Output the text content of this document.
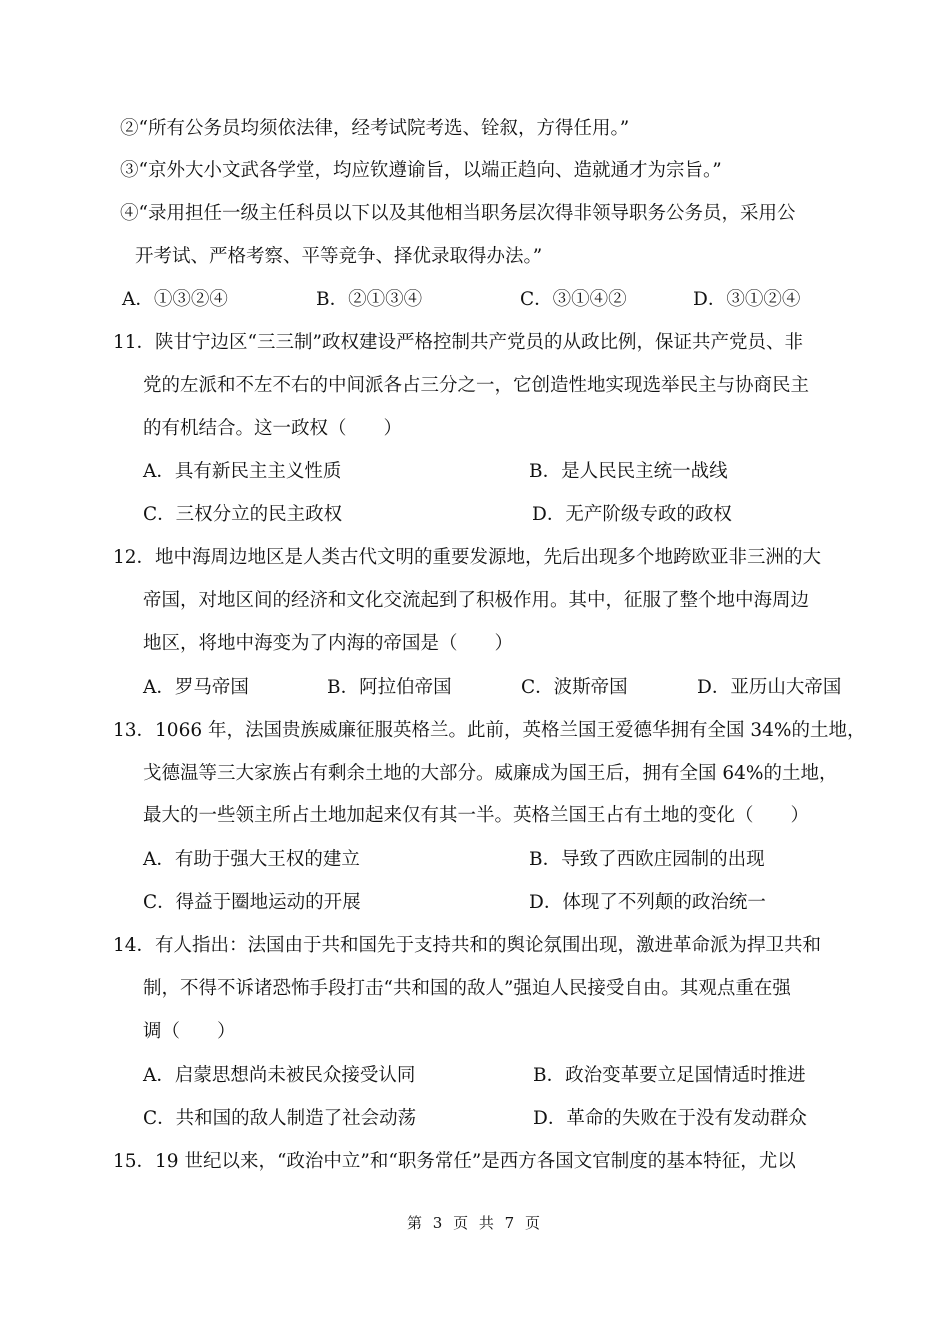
②“所有公务员均须依法律，经考试院考选、铨叙，方得任用。”
③“京外大小文武各学堂，均应钦遵谕旨，以端正趋向、造就通才为宗旨。”
④“录用担任一级主任科员以下以及其他相当职务层次得非领导职务公务员，采用公
开考试、严格考察、平等竞争、择优录取得办法。”
A．①③②④	B．②①③④	C．③①④②	D．③①②④
11．陕甘宁边区“三三制”政权建设严格控制共产党员的从政比例，保证共产党员、非
党的左派和不左不右的中间派各占三分之一，它创造性地实现选举民主与协商民主
的有机结合。这一政权（　　）
A．具有新民主主义性质	B．是人民民主统一战线
C．三权分立的民主政权	D．无产阶级专政的政权
12．地中海周边地区是人类古代文明的重要发源地，先后出现多个地跨欧亚非三洲的大
帝国，对地区间的经济和文化交流起到了积极作用。其中，征服了整个地中海周边
地区，将地中海变为了内海的帝国是（　　）
A．罗马帝国	B．阿拉伯帝国	C．波斯帝国	D．亚历山大帝国
13．1066 年，法国贵族威廉征服英格兰。此前，英格兰国王爱德华拥有全国 34%的土地，
戈德温等三大家族占有剩余土地的大部分。威廉成为国王后，拥有全国 64%的土地，
最大的一些领主所占土地加起来仅有其一半。英格兰国王占有土地的变化（　　）
A．有助于强大王权的建立	B．导致了西欧庄园制的出现
C．得益于圈地运动的开展	D．体现了不列颠的政治统一
14．有人指出：法国由于共和国先于支持共和的舆论氛围出现，激进革命派为捍卫共和
制，不得不诉诸恐怖手段打击“共和国的敌人”强迫人民接受自由。其观点重在强
调（　　）
A．启蒙思想尚未被民众接受认同	B．政治变革要立足国情适时推进
C．共和国的敌人制造了社会动荡	D．革命的失败在于没有发动群众
15．19 世纪以来，“政治中立”和“职务常任”是西方各国文官制度的基本特征，尤以
第 3 页 共 7 页
